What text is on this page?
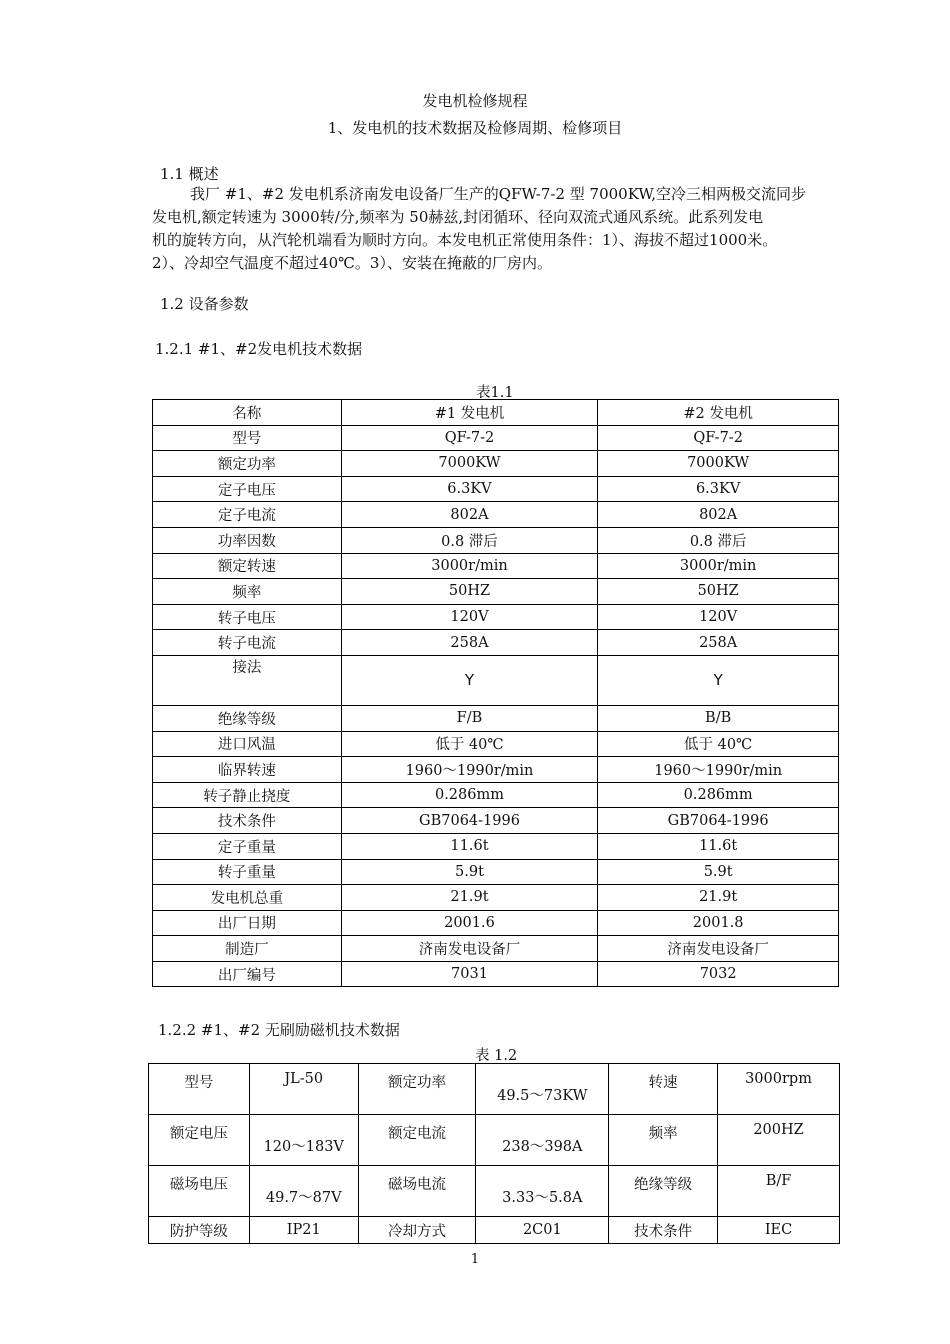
发电机检修规程
1、发电机的技术数据及检修周期、检修项目
1.1 概述
我厂 #1、#2 发电机系济南发电设备厂生产的QFW-7-2 型 7000KW,空冷三相两极交流同步
发电机,额定转速为 3000转/分,频率为 50赫兹,封闭循环、径向双流式通风系统。此系列发电
机的旋转方向，从汽轮机端看为顺时方向。本发电机正常使用条件：1）、海拔不超过1000米。
2）、冷却空气温度不超过40℃。3）、安装在掩蔽的厂房内。
1.2 设备参数
1.2.1 #1、#2发电机技术数据
表1.1
名称	#1 发电机	#2 发电机
型号	QF-7-2	QF-7-2
额定功率	7000KW	7000KW
定子电压	6.3KV	6.3KV
定子电流	802A	802A
功率因数	0.8 滞后	0.8 滞后
额定转速	3000r/min	3000r/min
频率	50HZ	50HZ
转子电压	120V	120V
转子电流	258A	258A
接法	Y	Y
绝缘等级	F/B	B/B
进口风温	低于 40℃	低于 40℃
临界转速	1960～1990r/min	1960～1990r/min
转子静止挠度	0.286mm	0.286mm
技术条件	GB7064-1996	GB7064-1996
定子重量	11.6t	11.6t
转子重量	5.9t	5.9t
发电机总重	21.9t	21.9t
出厂日期	2001.6	2001.8
制造厂	济南发电设备厂	济南发电设备厂
出厂编号	7031	7032
1.2.2 #1、#2 无刷励磁机技术数据
表 1.2
型号	JL-50	额定功率	49.5～73KW	转速	3000rpm
额定电压	120～183V	额定电流	238～398A	频率	200HZ
磁场电压	49.7～87V	磁场电流	3.33～5.8A	绝缘等级	B/F
防护等级	IP21	冷却方式	2C01	技术条件	IEC
1
